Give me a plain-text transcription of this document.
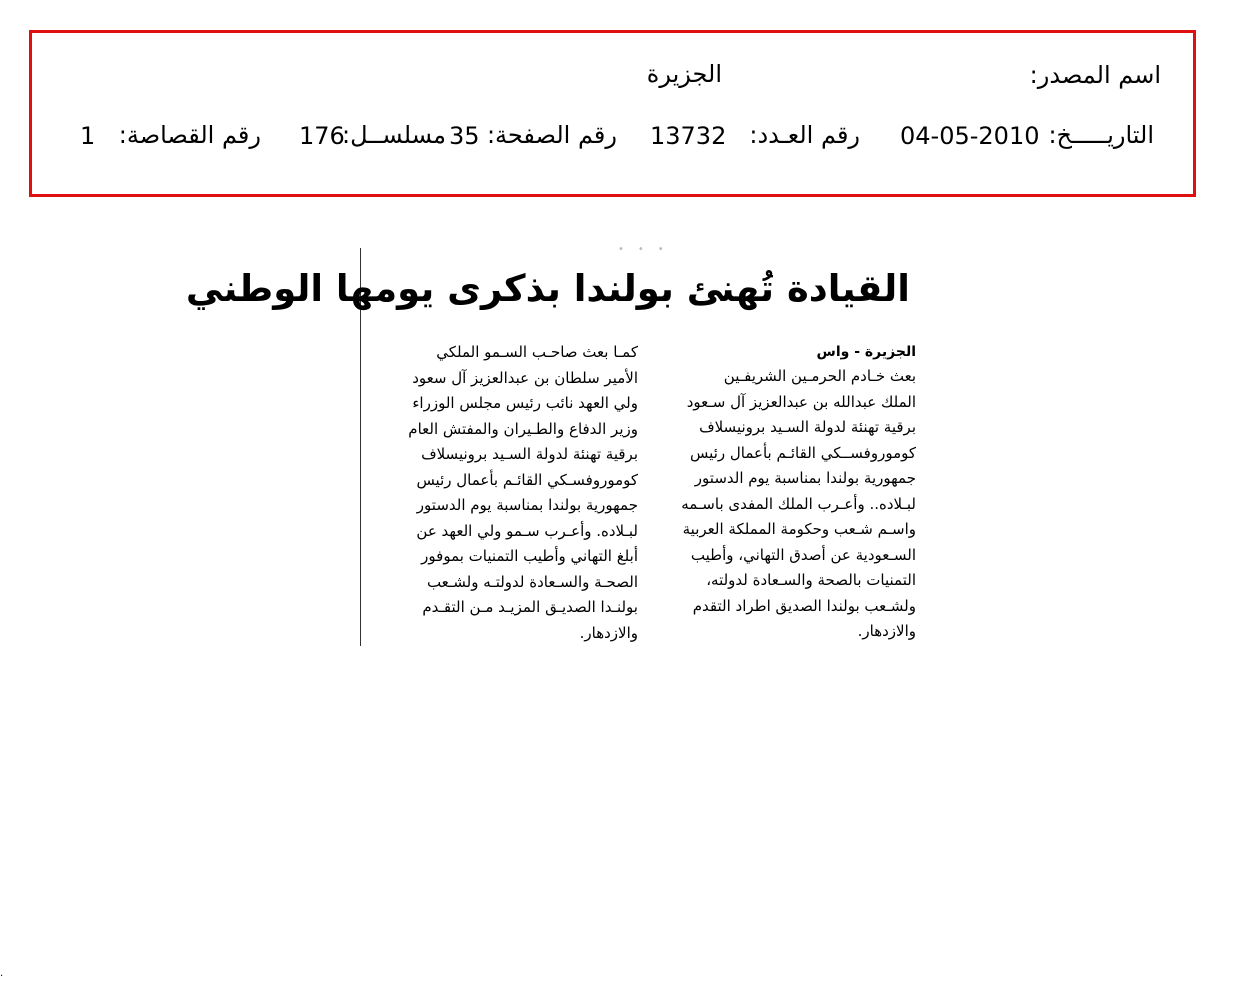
اسم المصدر:
الجزيرة
التاريـــــخ:
04-05-2010
رقم العـدد:
13732
رقم الصفحة:
35
مسلســل:
176
رقم القصاصة:
1
•••
القيادة تُهنئ بولندا بذكرى يومها الوطني
الجزيرة - واس
بعث خـادم الحرمـين الشريفـين
الملك عبدالله بن عبدالعزيز آل سـعود
برقية تهنئة لدولة السـيد برونيسلاف
كوموروفســكي القائـم بأعمال رئيس
جمهورية بولندا بمناسبة يوم الدستور
لبـلاده.. وأعـرب الملك المفدى باسـمه
واسـم شـعب وحكومة المملكة العربية
السـعودية عن أصدق التهاني، وأطيب
التمنيات بالصحة والسـعادة لدولته،
ولشـعب بولندا الصديق اطراد التقدم
والازدهار.
كمـا بعث صاحـب السـمو الملكي
الأمير سلطان بن عبدالعزيز آل سعود
ولي العهد نائب رئيس مجلس الوزراء
وزير الدفاع والطـيران والمفتش العام
برقية تهنئة لدولة السـيد برونيسلاف
كوموروفسـكي القائـم بأعمال رئيس
جمهورية بولندا بمناسبة يوم الدستور
لبـلاده. وأعـرب سـمو ولي العهد عن
أبلغ التهاني وأطيب التمنيات بموفور
الصحـة والسـعادة لدولتـه ولشـعب
بولنـدا الصديـق المزيـد مـن التقـدم
والازدهار.
·
